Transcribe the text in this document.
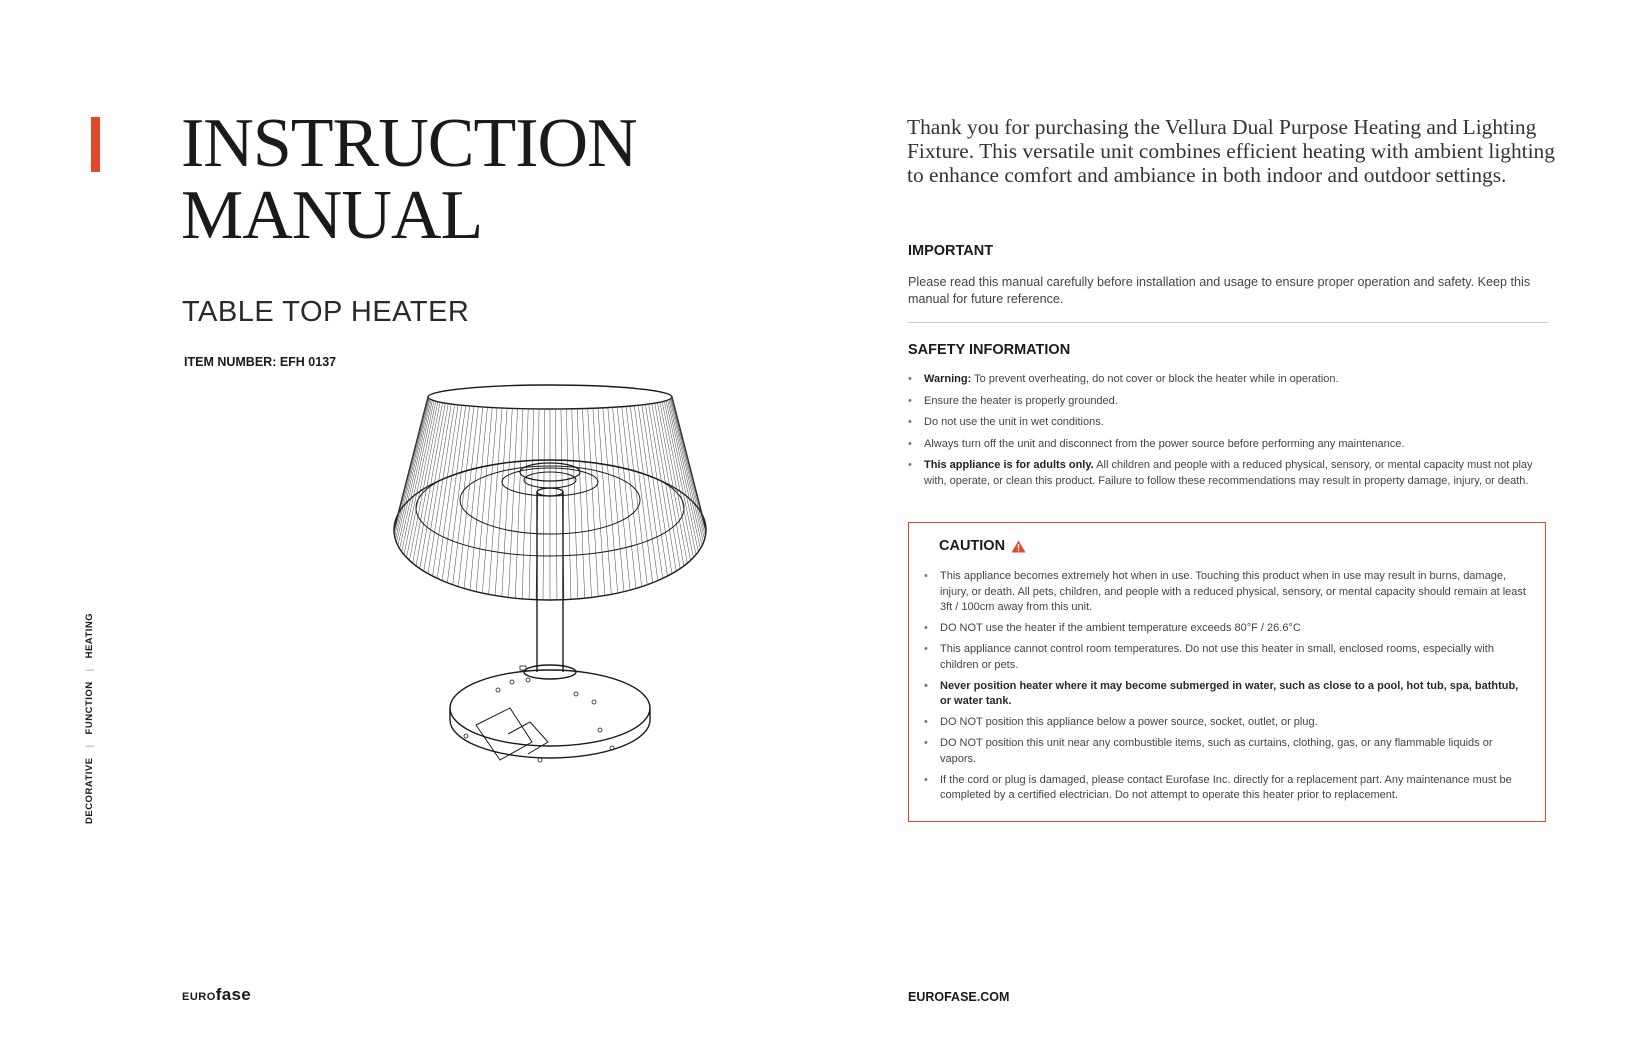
INSTRUCTION
MANUAL
TABLE TOP HEATER
ITEM NUMBER: EFH 0137
DECORATIVE|FUNCTION|HEATING
EUROfase

Thank you for purchasing the Vellura Dual Purpose Heating and Lighting Fixture. This versatile unit combines efficient heating with ambient lighting to enhance comfort and ambiance in both indoor and outdoor settings.

IMPORTANT

Please read this manual carefully before installation and usage to ensure proper operation and safety. Keep this manual for future reference.

SAFETY INFORMATION
• Warning: To prevent overheating, do not cover or block the heater while in operation.
• Ensure the heater is properly grounded.
• Do not use the unit in wet conditions.
• Always turn off the unit and disconnect from the power source before performing any maintenance.
• This appliance is for adults only. All children and people with a reduced physical, sensory, or mental capacity must not play with, operate, or clean this product. Failure to follow these recommendations may result in property damage, injury, or death.
CAUTION
• This appliance becomes extremely hot when in use. Touching this product when in use may result in burns, damage, injury, or death. All pets, children, and people with a reduced physical, sensory, or mental capacity should remain at least 3ft / 100cm away from this unit.
• DO NOT use the heater if the ambient temperature exceeds 80°F / 26.6°C
• This appliance cannot control room temperatures. Do not use this heater in small, enclosed rooms, especially with children or pets.
• Never position heater where it may become submerged in water, such as close to a pool, hot tub, spa, bathtub, or water tank.
• DO NOT position this appliance below a power source, socket, outlet, or plug.
• DO NOT position this unit near any combustible items, such as curtains, clothing, gas, or any flammable liquids or vapors.
• If the cord or plug is damaged, please contact Eurofase Inc. directly for a replacement part. Any maintenance must be completed by a certified electrician. Do not attempt to operate this heater prior to replacement.
EUROFASE.COM
